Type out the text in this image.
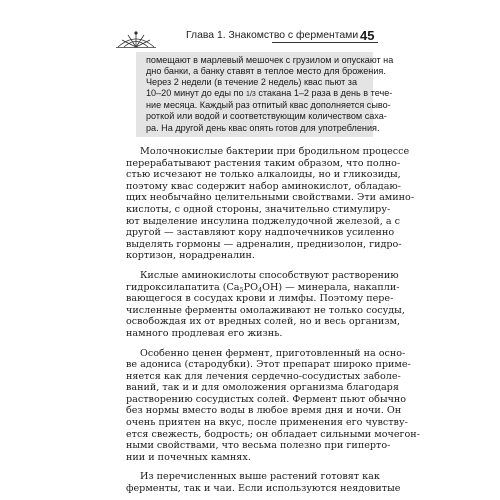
Глава 1. Знакомство с ферментами 45
помещают в марлевый мешочек с грузилом и опускают на
дно банки, а банку ставят в теплое место для брожения.
Через 2 недели (в течение 2 недель) квас пьют за
10–20 минут до еды по 1/3 стакана 1–2 раза в день в тече-
ние месяца. Каждый раз отпитый квас дополняется сыво-
роткой или водой и соответствующим количеством саха-
ра. На другой день квас опять готов для употребления.
Молочнокислые бактерии при бродильном процессе
перерабатывают растения таким образом, что полно-
стью исчезают не только алкалоиды, но и гликозиды,
поэтому квас содержит набор аминокислот, обладаю-
щих необычайно целительными свойствами. Эти амино-
кислоты, с одной стороны, значительно стимулиру-
ют выделение инсулина поджелудочной железой, а с
другой — заставляют кору надпочечников усиленно
выделять гормоны — адреналин, преднизолон, гидро-
кортизон, норадреналин.
Кислые аминокислоты способствуют растворению
гидроксилапатита $(Ca_5PO_4OH)$ — минерала, накапли-
вающегося в сосудах крови и лимфы. Поэтому пере-
численные ферменты омолаживают не только сосуды,
освобождая их от вредных солей, но и весь организм,
намного продлевая его жизнь.
Особенно ценен фермент, приготовленный на осно-
ве адониса (стародубки). Этот препарат широко приме-
няется как для лечения сердечно-сосудистых заболе-
ваний, так и и для омоложения организма благодаря
растворению сосудистых солей. Фермент пьют обычно
без нормы вместо воды в любое время дня и ночи. Он
очень приятен на вкус, после применения его чувству-
ется свежесть, бодрость; он обладает сильными мочегон-
ными свойствами, что весьма полезно при гиперто-
нии и почечных камнях.
Из перечисленных выше растений готовят как
ферменты, так и чаи. Если используются неядовитые
